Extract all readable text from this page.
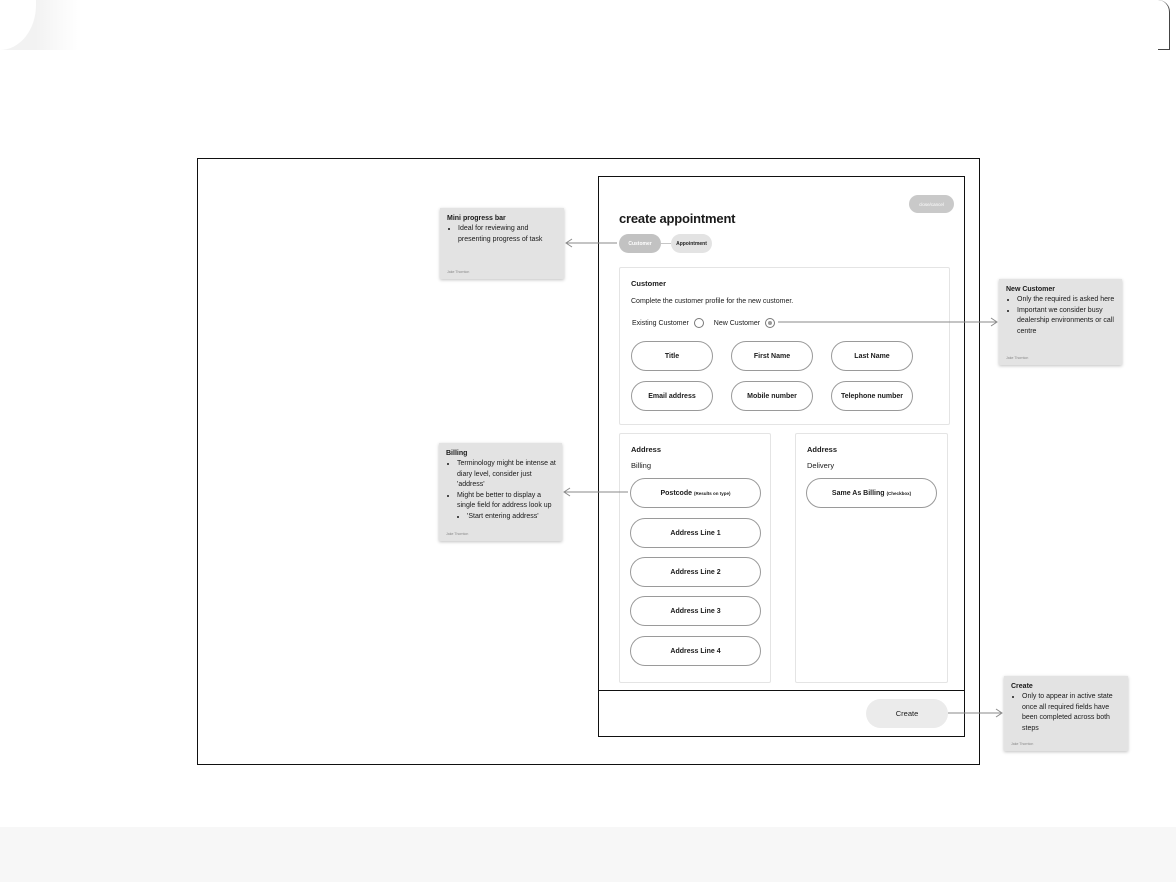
close/cancel
create appointment
Customer	Appointment
Customer
Complete the customer profile for the new customer.
Existing Customer	New Customer
Title	First Name	Last Name
Email address	Mobile number	Telephone number
Address
Billing
Postcode (Results on type)
Address Line 1
Address Line 2
Address Line 3
Address Line 4
Address
Delivery
Same As Billing (Checkbox)
Create
Mini progress bar
• Ideal for reviewing and presenting progress of task
Jake Thornton
New Customer
• Only the required is asked here
• Important we consider busy dealership environments or call centre
Jake Thornton
Billing
• Terminology might be intense at diary level, consider just 'address'
• Might be better to display a single field for address look up
• 'Start entering address'
Jake Thornton
Create
• Only to appear in active state once all required fields have been completed across both steps
Jake Thornton
